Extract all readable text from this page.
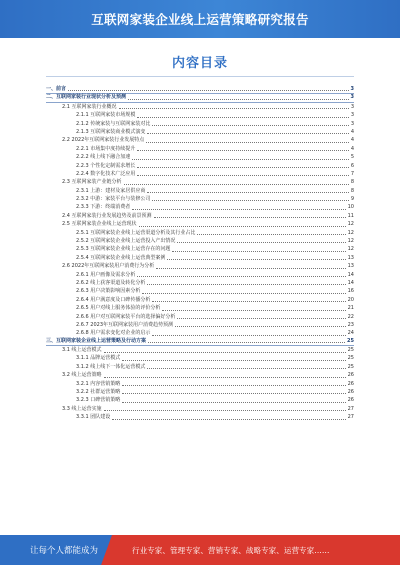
互联网家装企业线上运营策略研究报告
内容目录
一、前言	3
二、互联网家装行业现状分析及预测	3
2.1 互联网家装行业概况	3
2.1.1 互联网家装市场规模	3
2.1.2 传统家装与互联网家装对比	3
2.1.3 互联网家装商业模式演变	4
2.2 2022年互联网家装行业发展特点	4
2.2.1 市场集中度持续提升	4
2.2.2 线上线下融合加速	5
2.2.3 个性化定制需求增长	6
2.2.4 数字化技术广泛应用	7
2.3 互联网家装产业链分析	8
2.3.1 上游：建材及家居供应商	8
2.3.2 中游：家装平台与装修公司	9
2.3.3 下游：终端消费者	10
2.4 互联网家装行业发展趋势及前景预测	11
2.5 互联网家装企业线上运营现状	12
2.5.1 互联网家装企业线上运营渠道分析及其行业占比	12
2.5.2 互联网家装企业线上运营投入产出情况	12
2.5.3 互联网家装企业线上运营存在的问题	12
2.5.4 互联网家装企业线上运营典型案例	13
2.6 2022年互联网家装用户消费行为分析	13
2.6.1 用户画像及需求分析	14
2.6.2 线上获客渠道及转化分析	14
2.6.3 用户决策影响因素分析	16
2.6.4 用户满意度及口碑传播分析	20
2.6.5 用户对线上服务体验的评价分析	21
2.6.6 用户对互联网家装平台的选择偏好分析	22
2.6.7 2023年互联网家装用户消费趋势预测	23
2.6.8 用户需求变化对企业的启示	24
三、互联网家装企业线上运营策略及行动方案	25
3.1 线上运营模式	25
3.1.1 品牌运营模式	25
3.1.2 线上线下一体化运营模式	25
3.2 线上运营策略	26
3.2.1 内容营销策略	26
3.2.2 社群运营策略	26
3.2.3 口碑营销策略	26
3.3 线上运营实施	27
3.3.1 团队建设	27
让每个人都能成为	行业专家、管理专家、营销专家、战略专家、运营专家……
